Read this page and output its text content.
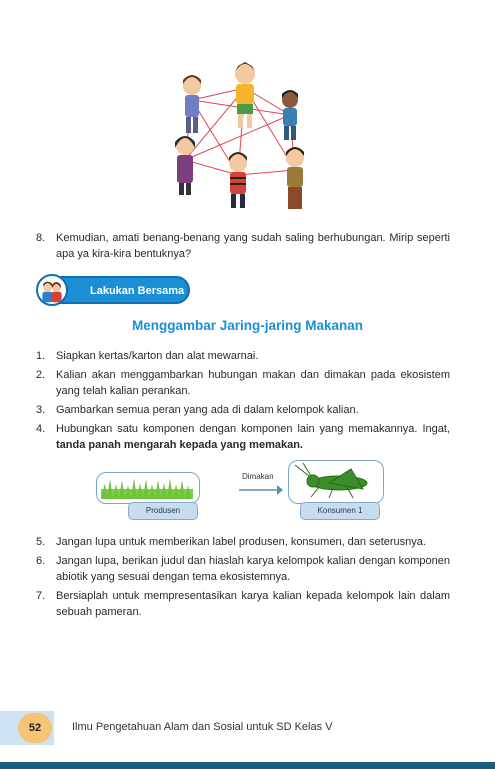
8. Kemudian, amati benang-benang yang sudah saling berhubungan. Mirip seperti apa ya kira-kira bentuknya?
Lakukan Bersama
Menggambar Jaring-jaring Makanan
1. Siapkan kertas/karton dan alat mewarnai.
2. Kalian akan menggambarkan hubungan makan dan dimakan pada ekosistem yang telah kalian perankan.
3. Gambarkan semua peran yang ada di dalam kelompok kalian.
4. Hubungkan satu komponen dengan komponen lain yang memakannya. Ingat, tanda panah mengarah kepada yang memakan.
Produsen
Dimakan
Konsumen 1
5. Jangan lupa untuk memberikan label produsen, konsumen, dan seterusnya.
6. Jangan lupa, berikan judul dan hiaslah karya kelompok kalian dengan komponen abiotik yang sesuai dengan tema ekosistemnya.
7. Bersiaplah untuk mempresentasikan karya kalian kepada kelompok lain dalam sebuah pameran.
52	Ilmu Pengetahuan Alam dan Sosial untuk SD Kelas V
